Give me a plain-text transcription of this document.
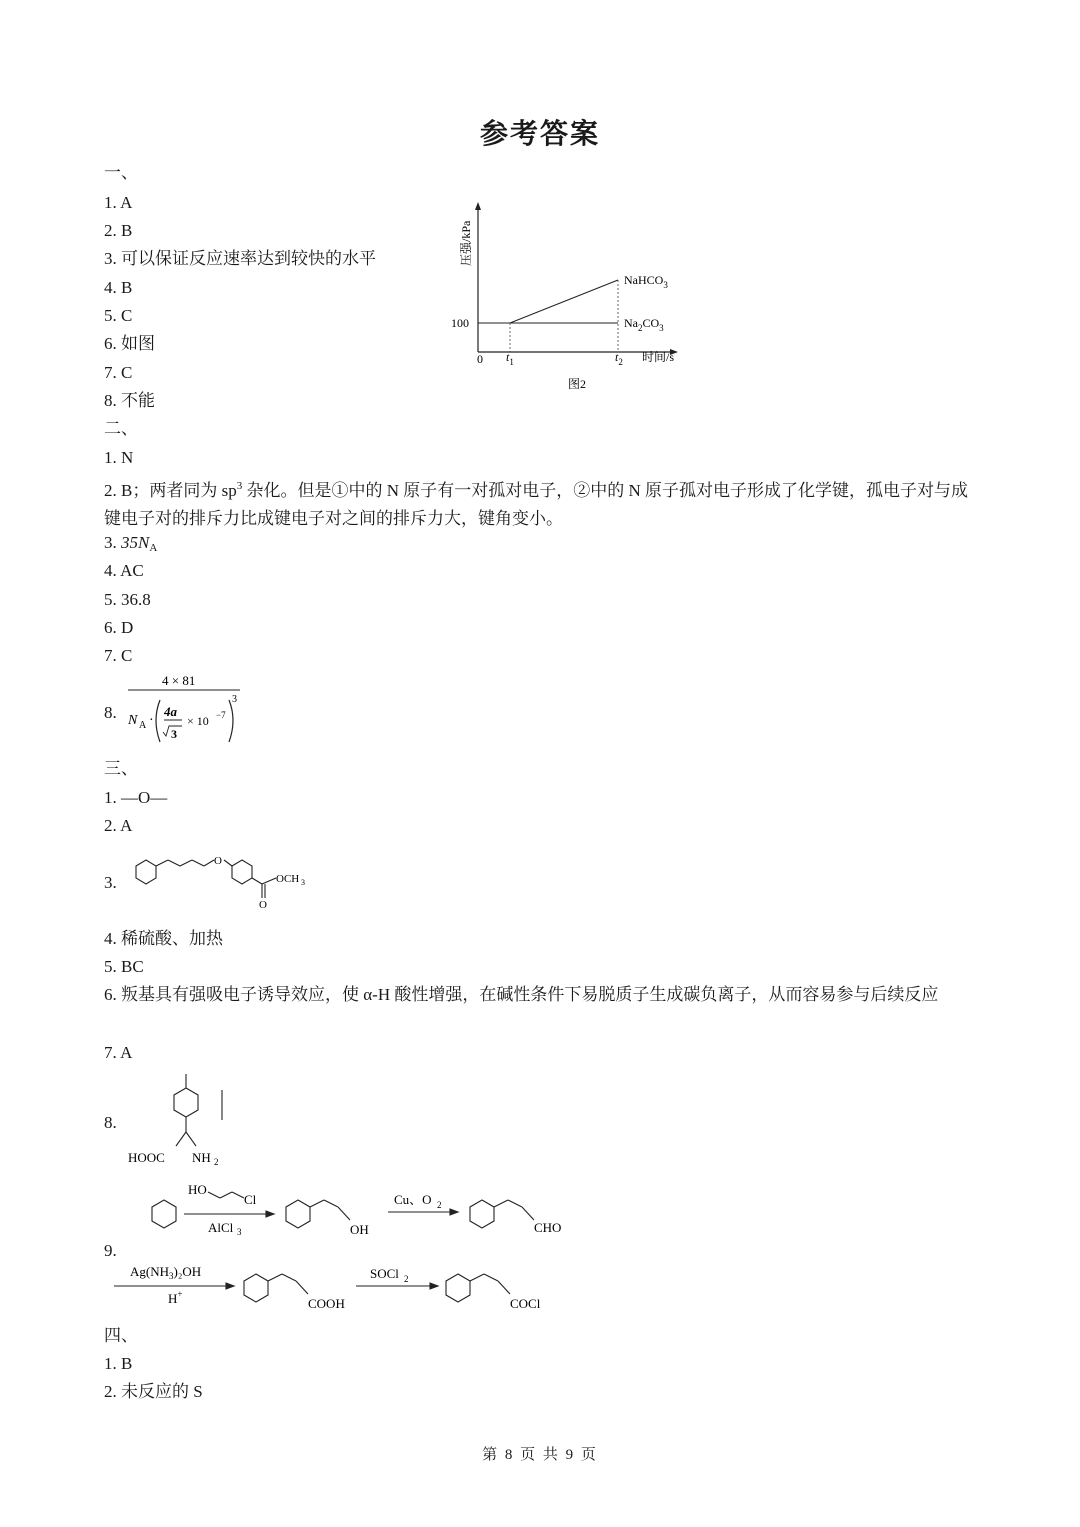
参考答案
一、
1. A
2. B
3. 可以保证反应速率达到较快的水平
4. B
5. C
6. 如图
7. C
8. 不能
压强/kPa
100
0 $t_1$	$t_2$ 时间/s
NaHCO$_3$
$Na_2CO_3$
图2
二、
1. N
2. B；两者同为 $sp^3$ 杂化。但是①中的 N 原子有一对孤对电子，②中的 N 原子孤对电子形成了化学键，孤电子对与成键电子对的排斥力比成键电子对之间的排斥力大，键角变小。
3. $35N_A$
4. AC
5. 36.8
6. D
7. C
8.
4 × 81
N A ·
4a
3
× 10 −7
3
三、
1. —O—
2. A
3.
O
OCH 3
O
4. 稀硫酸、加热
5. BC
6. 叛基具有强吸电子诱导效应，使 α-H 酸性增强，在碱性条件下易脱质子生成碳负离子，从而容易参与后续反应
7. A
8.
HOOC NH 2
9.
HO
Cl
AlCl 3	OH
Cu、O 2
CHO
$Ag(NH_3)_2OH$
H+
COOH
SOCl 2
COCl
四、
1. B
2. 未反应的 S
第 8 页 共 9 页
